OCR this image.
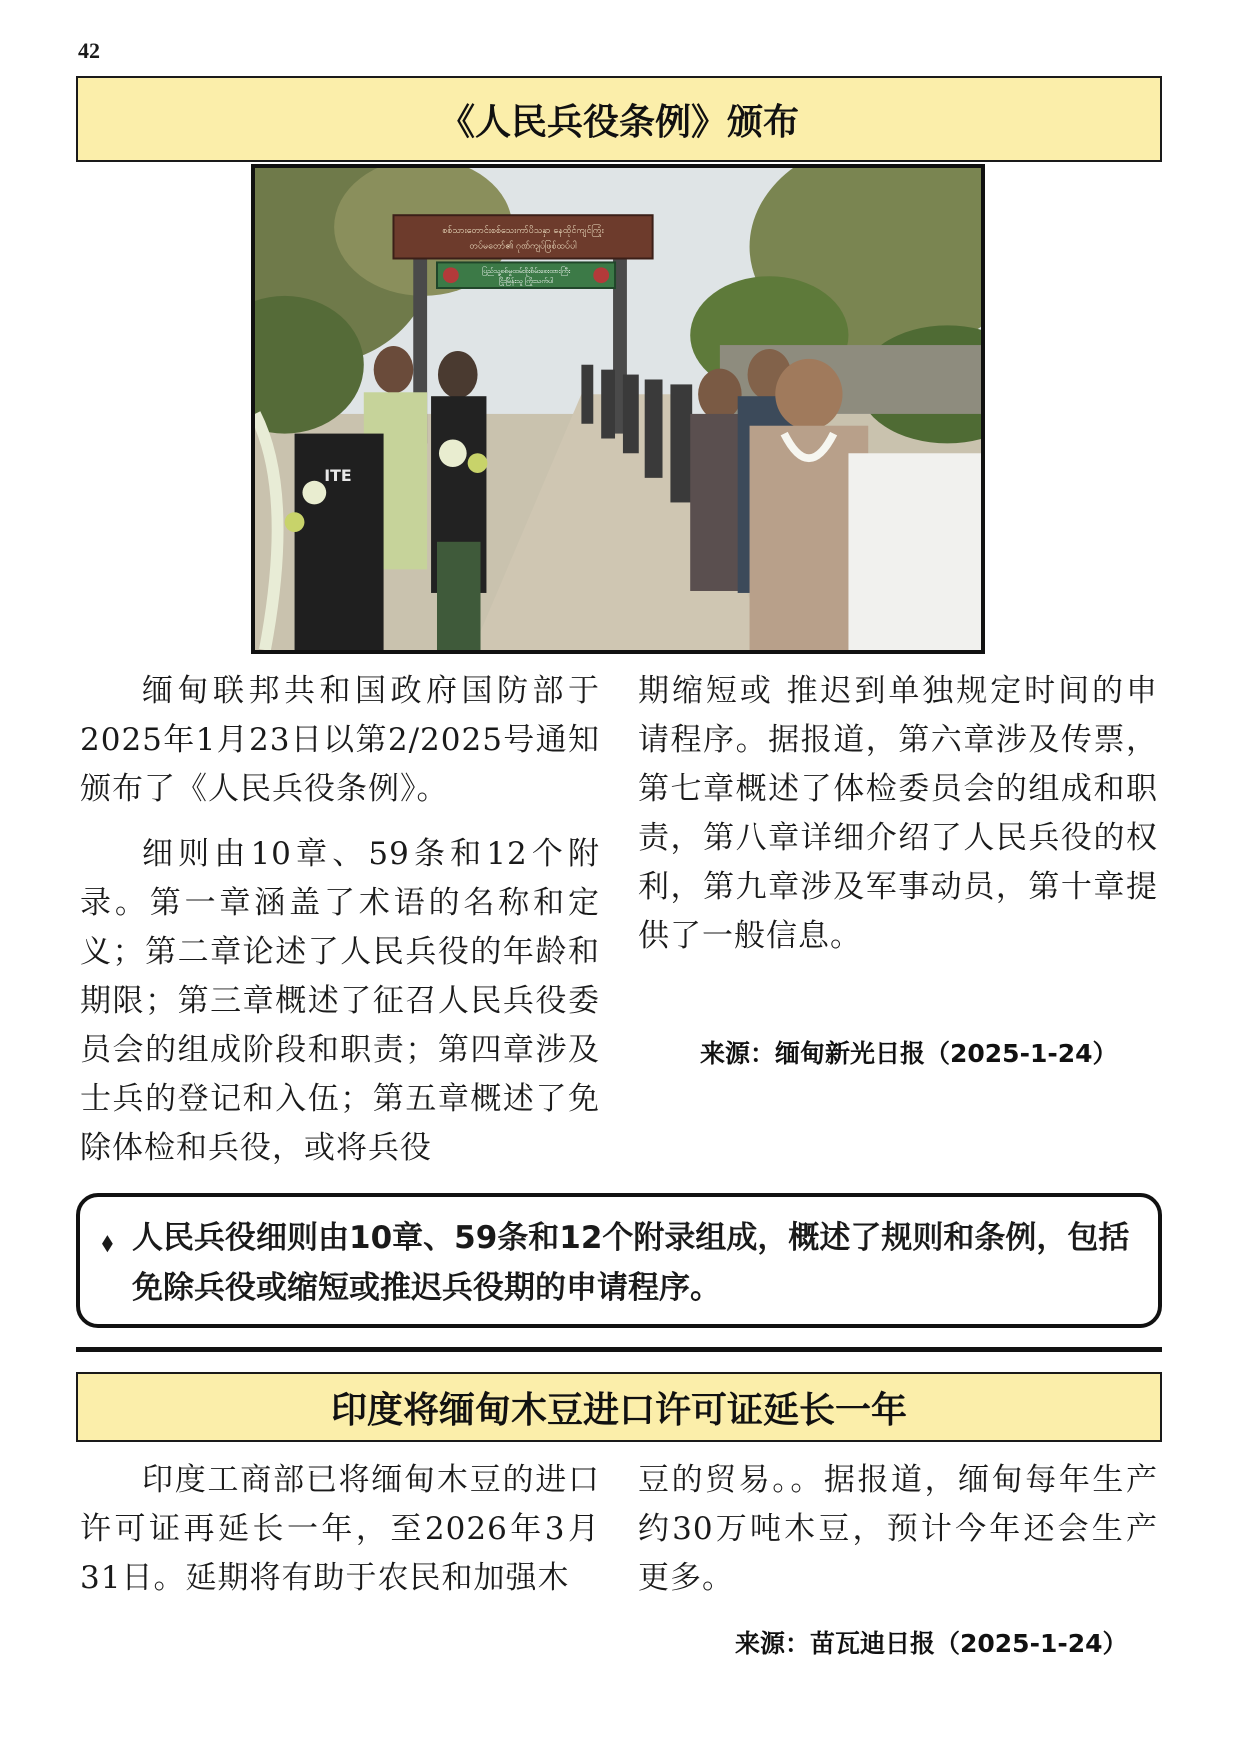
42
《人民兵役条例》颁布
စစ်သားတောင်းစစ်သေးကာ်ပိသနှာ နေထိုင်ကျင်ကြုံး
တပ်မတော်၏ ဂုဏ်ကျပ်ဖြစ်ထပ်ပါ
ပြည်သူ့စစ်မှုထမ်းစိုးစိမ်းစေးထားကြီး
ငြိုးမြိန်းသူ ကြိုးသက်ပါ
ITE

缅甸联邦共和国政府国防部于2025年1月23日以第2/2025号通知颁布了《人民兵役条例》。

细则由10章、59条和12个附录。第一章涵盖了术语的名称和定义；第二章论述了人民兵役的年龄和期限；第三章概述了征召人民兵役委员会的组成阶段和职责；第四章涉及士兵的登记和入伍；第五章概述了免除体检和兵役，或将兵役

期缩短或 推迟到单独规定时间的申请程序。据报道，第六章涉及传票，第七章概述了体检委员会的组成和职责，第八章详细介绍了人民兵役的权利，第九章涉及军事动员，第十章提供了一般信息。

来源：缅甸新光日报（2025-1-24）
⬧ 人民兵役细则由10章、59条和12个附录组成，概述了规则和条例，包括免除兵役或缩短或推迟兵役期的申请程序。
印度将缅甸木豆进口许可证延长一年

印度工商部已将缅甸木豆的进口许可证再延长一年，至2026年3月31日。延期将有助于农民和加强木

豆的贸易。。据报道，缅甸每年生产约30万吨木豆，预计今年还会生产更多。

来源：苗瓦迪日报（2025-1-24）
